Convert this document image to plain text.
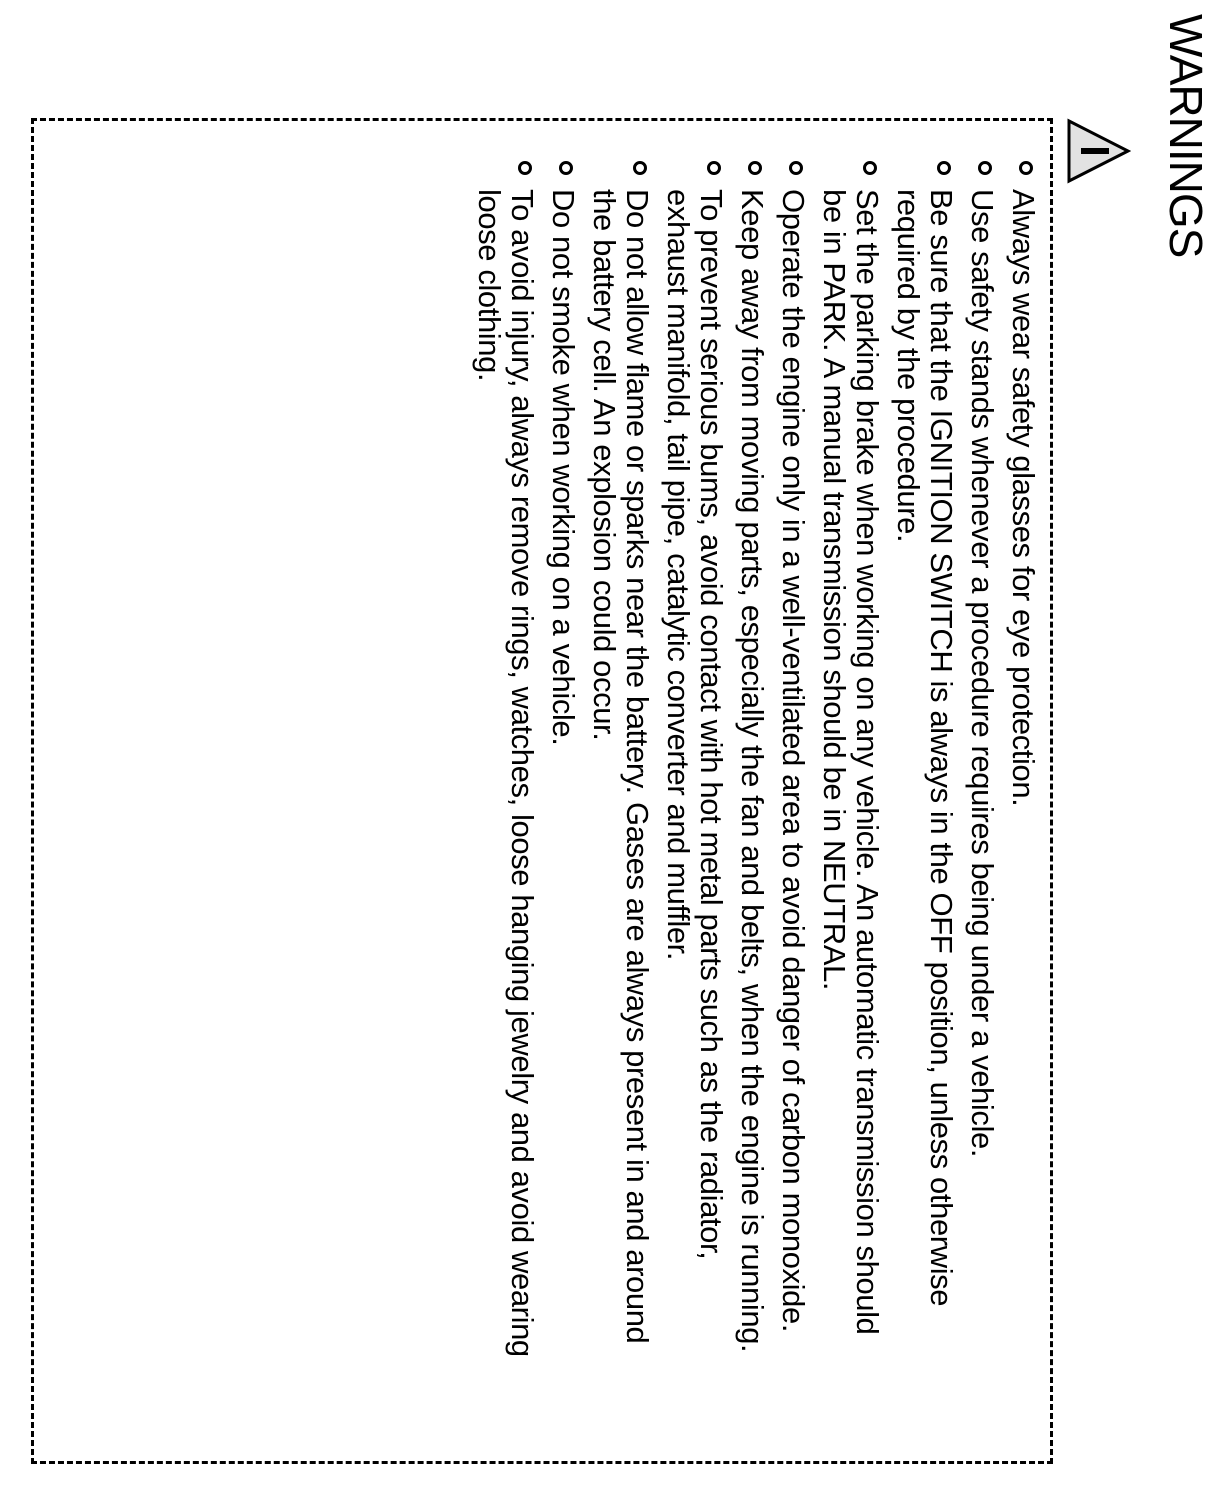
WARNINGS
Always wear safety glasses for eye protection.
Use safety stands whenever a procedure requires being under a vehicle.
Be sure that the IGNITION SWITCH is always in the OFF position, unless otherwise required by the procedure.
Set the parking brake when working on any vehicle. An automatic transmission should be in PARK. A manual transmission should be in NEUTRAL.
Operate the engine only in a well-ventilated area to avoid danger of carbon monoxide.
Keep away from moving parts, especially the fan and belts, when the engine is running.
To prevent serious bums, avoid contact with hot metal parts such as the radiator, exhaust manifold, tail pipe, catalytic converter and muffler.
Do not allow flame or sparks near the battery. Gases are always present in and around the battery cell. An explosion could occur.
Do not smoke when working on a vehicle.
To avoid injury, always remove rings, watches, loose hanging jewelry and avoid wearing loose clothing.
